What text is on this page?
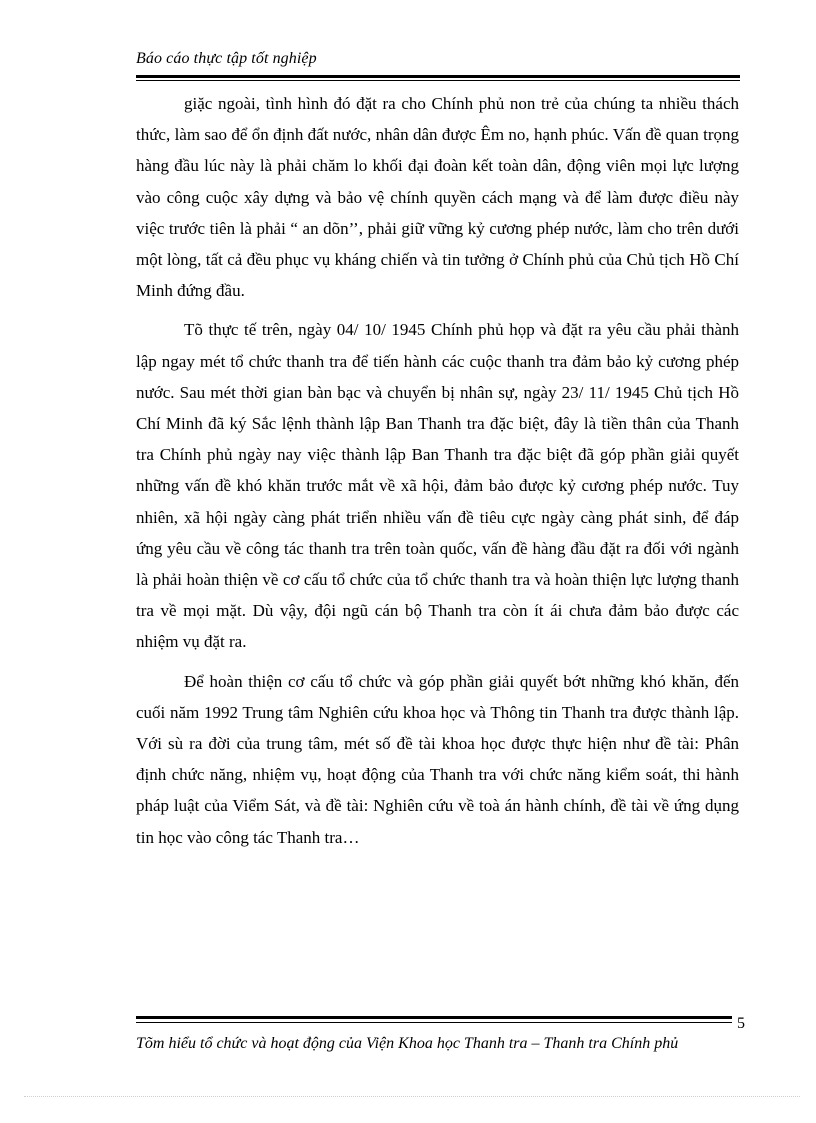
Báo cáo thực tập tốt nghiệp

giặc ngoài, tình hình đó đặt ra cho Chính phủ non trẻ của chúng ta nhiều thách thức, làm sao để ổn định đất nước, nhân dân được Êm no, hạnh phúc. Vấn đề quan trọng hàng đầu lúc này là phải chăm lo khối đại đoàn kết toàn dân, động viên mọi lực lượng vào công cuộc xây dựng và bảo vệ chính quyền cách mạng và để làm được điều này việc trước tiên là phải “ an dõn’’, phải giữ vững kỷ cương phép nước, làm cho trên dưới một lòng, tất cả đều phục vụ kháng chiến và tin tưởng ở Chính phủ của Chủ tịch Hồ Chí Minh đứng đầu.

Tõ thực tế trên, ngày 04/ 10/ 1945 Chính phủ họp và đặt ra yêu cầu phải thành lập ngay mét tổ chức thanh tra để tiến hành các cuộc thanh tra đảm bảo kỷ cương phép nước. Sau mét thời gian bàn bạc và chuyển bị nhân sự, ngày 23/ 11/ 1945 Chủ tịch Hồ Chí Minh đã ký Sắc lệnh thành lập Ban Thanh tra đặc biệt, đây là tiền thân của Thanh tra Chính phủ ngày nay việc thành lập Ban Thanh tra đặc biệt đã góp phần giải quyết những vấn đề khó khăn trước mắt về xã hội, đảm bảo được kỷ cương phép nước. Tuy nhiên, xã hội ngày càng phát triển nhiều vấn đề tiêu cực ngày càng phát sinh, để đáp ứng yêu cầu về công tác thanh tra trên toàn quốc, vấn đề hàng đầu đặt ra đối với ngành là phải hoàn thiện về cơ cấu tổ chức của tổ chức thanh tra và hoàn thiện lực lượng thanh tra về mọi mặt. Dù vậy, đội ngũ cán bộ Thanh tra còn ít ái chưa đảm bảo được các nhiệm vụ đặt ra.

Để hoàn thiện cơ cấu tổ chức và góp phần giải quyết bớt những khó khăn, đến cuối năm 1992 Trung tâm Nghiên cứu khoa học và Thông tin Thanh tra được thành lập. Với sù ra đời của trung tâm, mét số đề tài khoa học được thực hiện như đề tài: Phân định chức năng, nhiệm vụ, hoạt động của Thanh tra với chức năng kiểm soát, thi hành pháp luật của Viểm Sát, và đề tài: Nghiên cứu về toà án hành chính, đề tài về ứng dụng tin học vào công tác Thanh tra…

5
Tõm hiểu tổ chức và hoạt động của Viện Khoa học Thanh tra – Thanh tra Chính phủ
